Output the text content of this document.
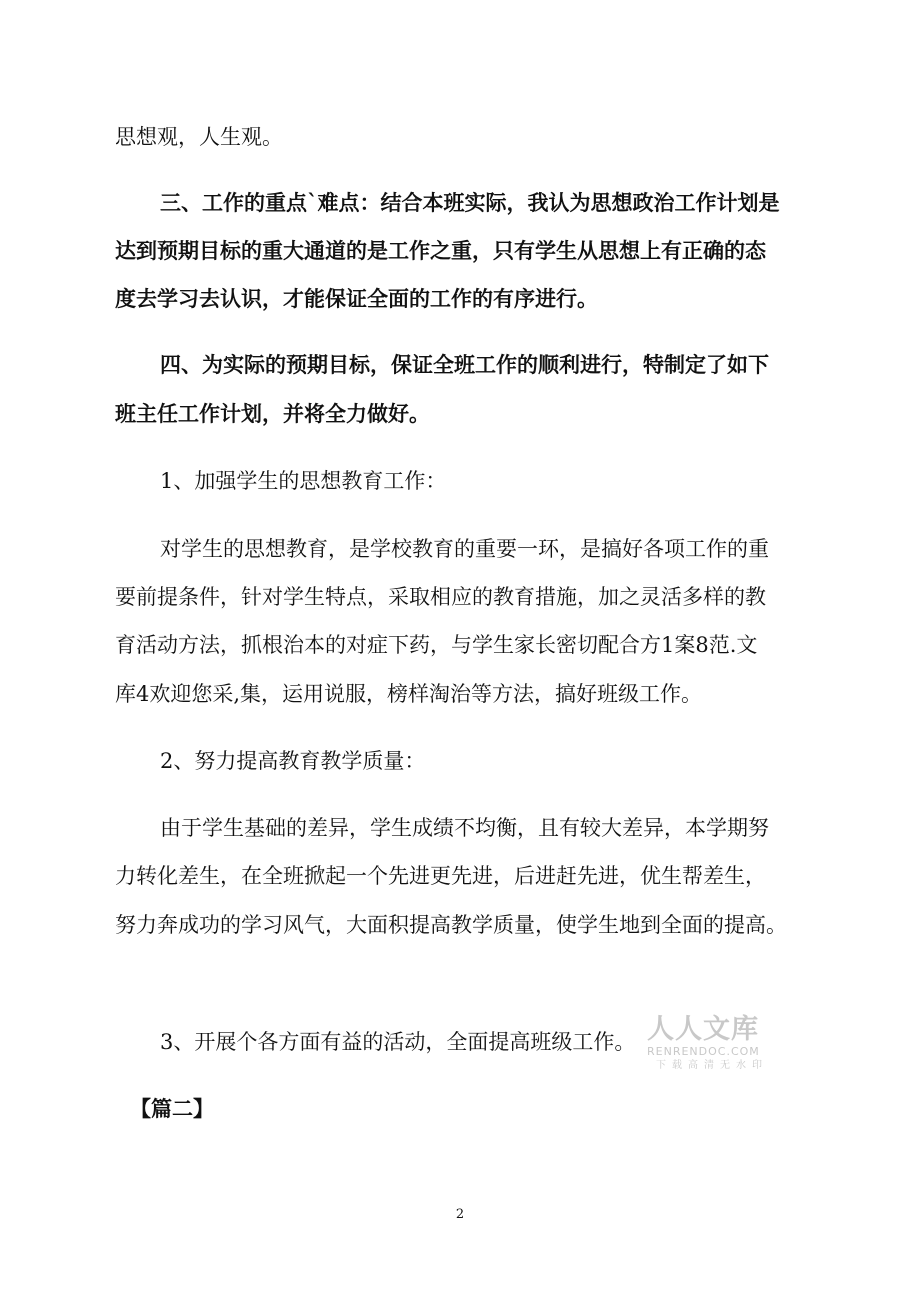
思想观，人生观。
三、工作的重点`难点：结合本班实际，我认为思想政治工作计划是
达到预期目标的重大通道的是工作之重，只有学生从思想上有正确的态
度去学习去认识，才能保证全面的工作的有序进行。
四、为实际的预期目标，保证全班工作的顺利进行，特制定了如下
班主任工作计划，并将全力做好。
1、加强学生的思想教育工作：
对学生的思想教育，是学校教育的重要一环，是搞好各项工作的重
要前提条件，针对学生特点，采取相应的教育措施，加之灵活多样的教
育活动方法，抓根治本的对症下药，与学生家长密切配合方1案8范.文
库4欢迎您采,集，运用说服，榜样淘治等方法，搞好班级工作。
2、努力提高教育教学质量：
由于学生基础的差异，学生成绩不均衡，且有较大差异，本学期努
力转化差生，在全班掀起一个先进更先进，后进赶先进，优生帮差生，
努力奔成功的学习风气，大面积提高教学质量，使学生地到全面的提高。
3、开展个各方面有益的活动，全面提高班级工作。
【篇二】
人人文库
RENRENDOC.COM
下载高清无水印
2
